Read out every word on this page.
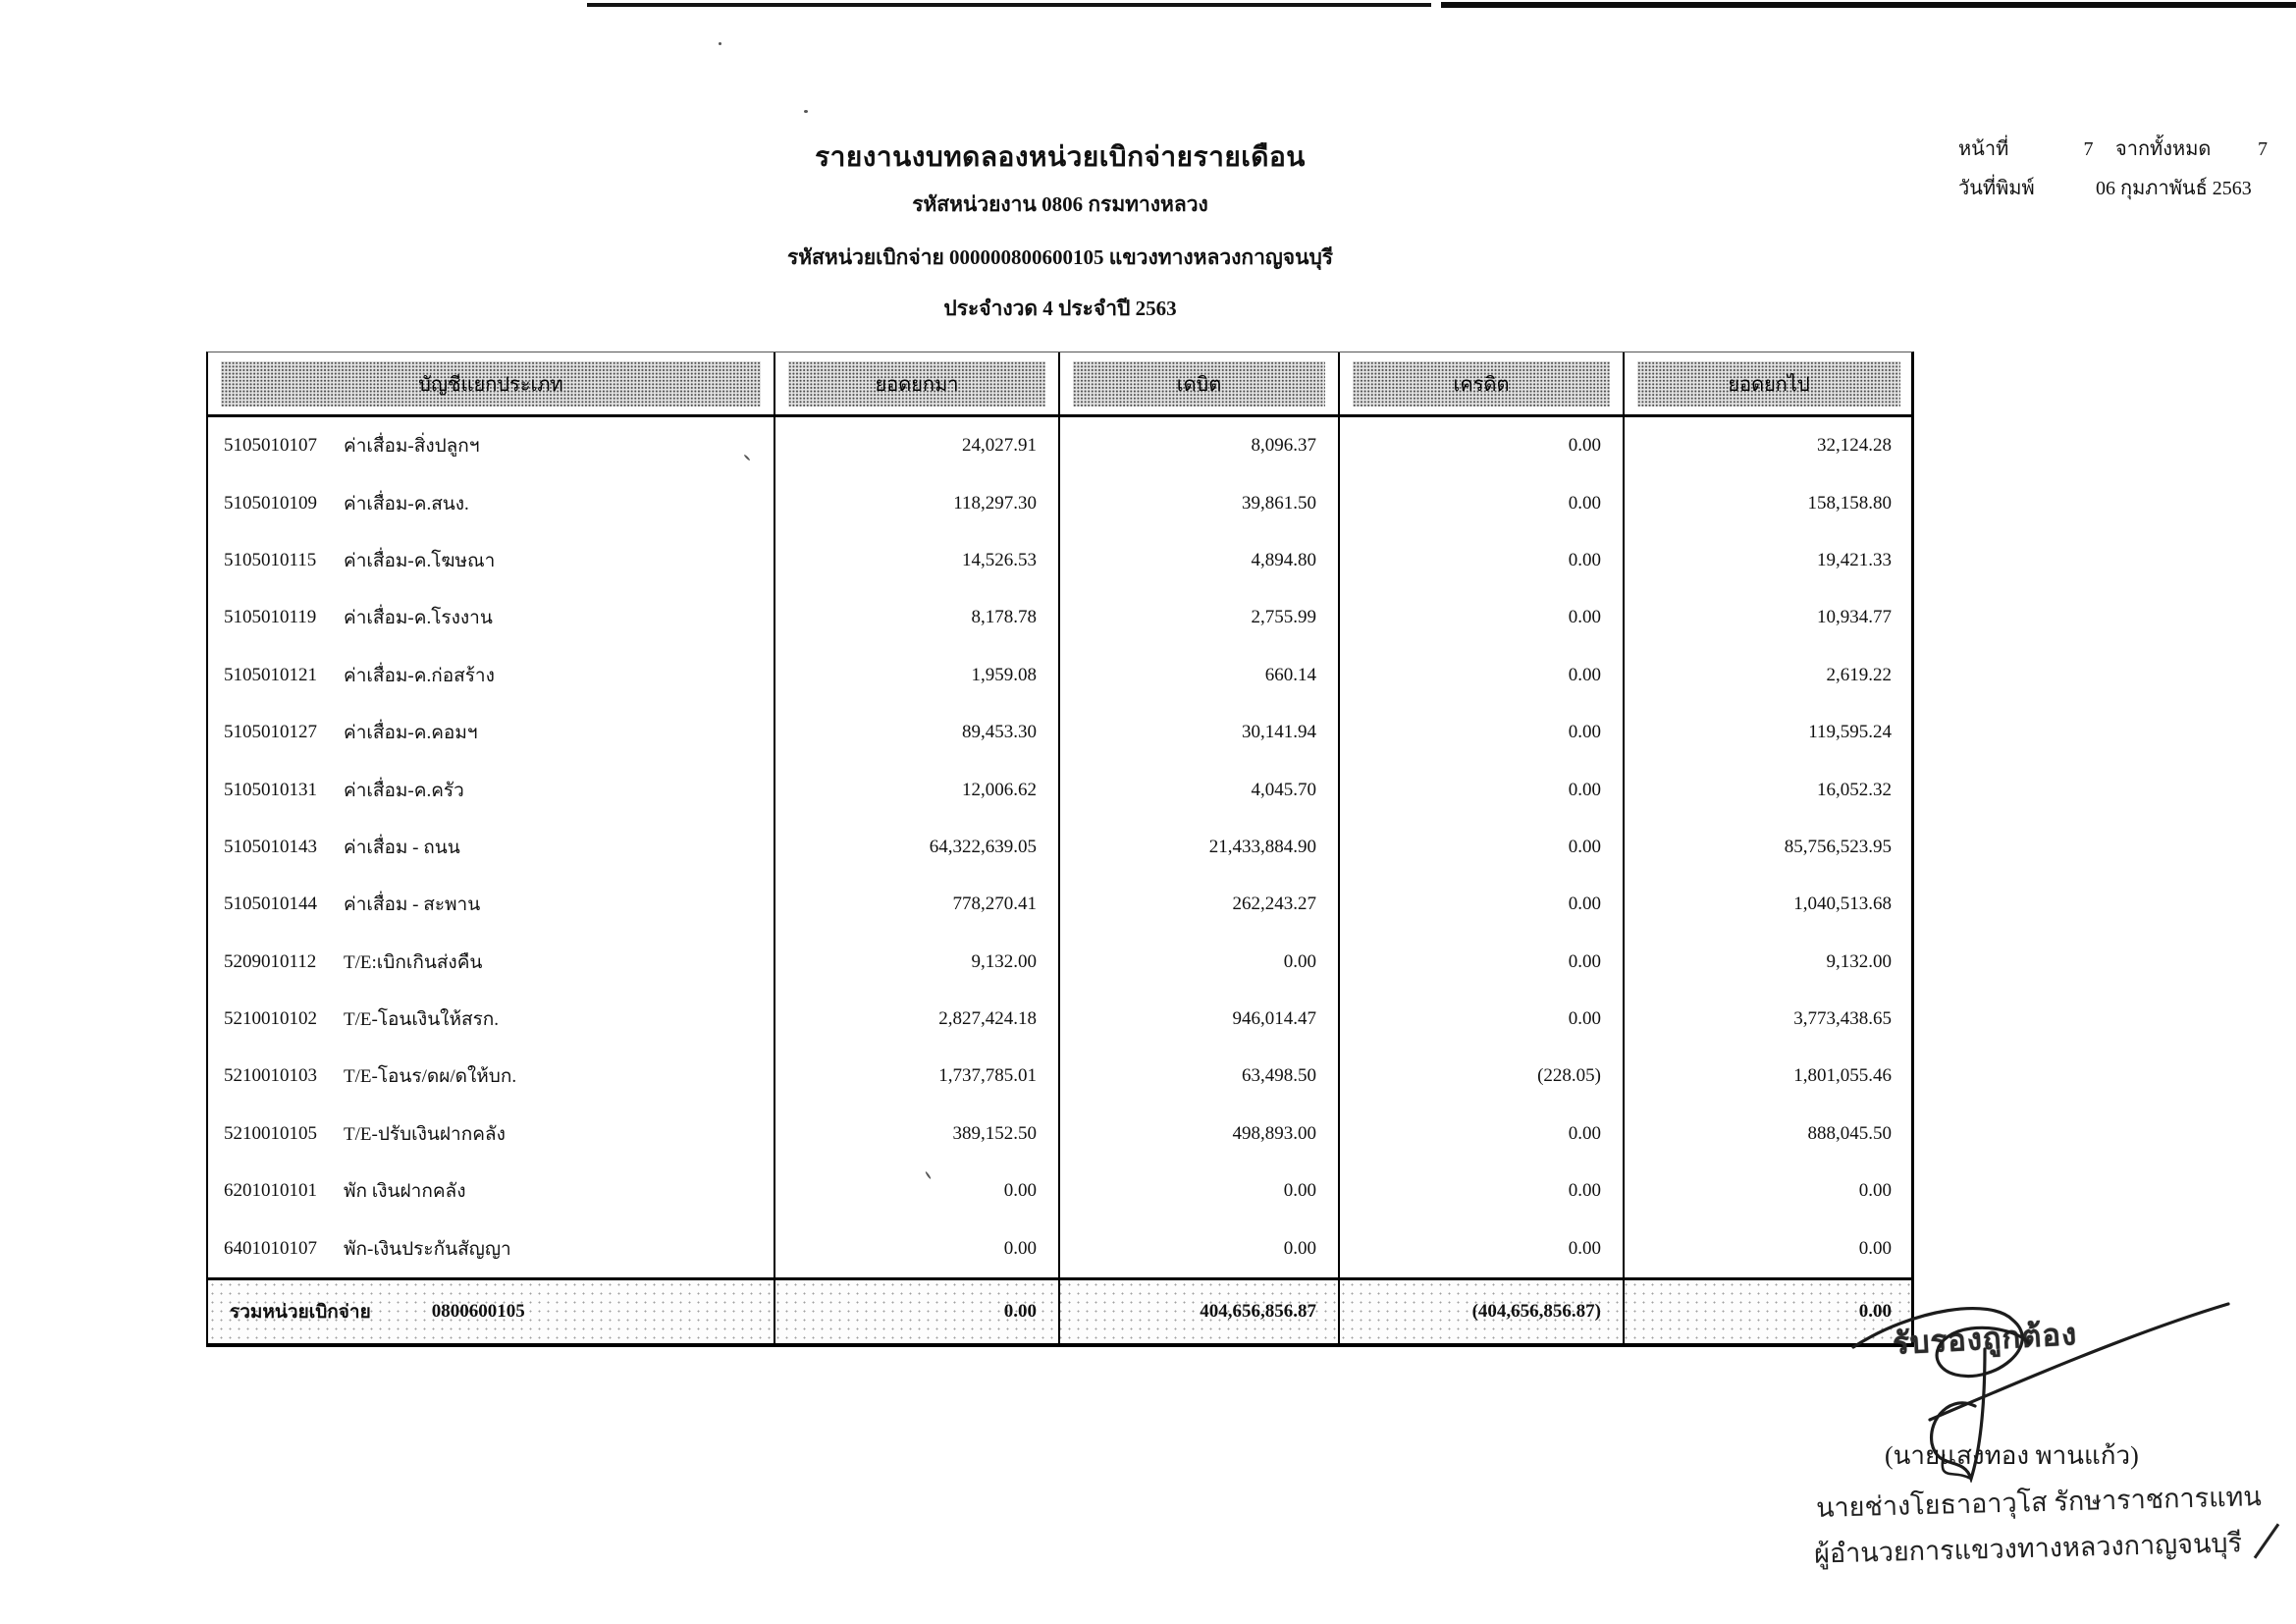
รายงานงบทดลองหน่วยเบิกจ่ายรายเดือน
รหัสหน่วยงาน 0806 กรมทางหลวง
รหัสหน่วยเบิกจ่าย 000000800600105 แขวงทางหลวงกาญจนบุรี
ประจำงวด 4 ประจำปี 2563
หน้าที่	7	จากทั้งหมด	7
วันที่พิมพ์	06 กุมภาพันธ์ 2563
บัญชีแยกประเภท	ยอดยกมา	เดบิต	เครดิต	ยอดยกไป
5105010107	ค่าเสื่อม-สิ่งปลูกฯ	24,027.91	8,096.37	0.00	32,124.28
5105010109	ค่าเสื่อม-ค.สนง.	118,297.30	39,861.50	0.00	158,158.80
5105010115	ค่าเสื่อม-ค.โฆษณา	14,526.53	4,894.80	0.00	19,421.33
5105010119	ค่าเสื่อม-ค.โรงงาน	8,178.78	2,755.99	0.00	10,934.77
5105010121	ค่าเสื่อม-ค.ก่อสร้าง	1,959.08	660.14	0.00	2,619.22
5105010127	ค่าเสื่อม-ค.คอมฯ	89,453.30	30,141.94	0.00	119,595.24
5105010131	ค่าเสื่อม-ค.ครัว	12,006.62	4,045.70	0.00	16,052.32
5105010143	ค่าเสื่อม - ถนน	64,322,639.05	21,433,884.90	0.00	85,756,523.95
5105010144	ค่าเสื่อม - สะพาน	778,270.41	262,243.27	0.00	1,040,513.68
5209010112	T/E:เบิกเกินส่งคืน	9,132.00	0.00	0.00	9,132.00
5210010102	T/E-โอนเงินให้สรก.	2,827,424.18	946,014.47	0.00	3,773,438.65
5210010103	T/E-โอนร/ดผ/ดให้บก.	1,737,785.01	63,498.50	(228.05)	1,801,055.46
5210010105	T/E-ปรับเงินฝากคลัง	389,152.50	498,893.00	0.00	888,045.50
6201010101	พัก เงินฝากคลัง	0.00	0.00	0.00	0.00
6401010107	พัก-เงินประกันสัญญา	0.00	0.00	0.00	0.00
รวมหน่วยเบิกจ่าย	0800600105	0.00	404,656,856.87	(404,656,856.87)	0.00
รับรองถูกต้อง
(นายแสงทอง พานแก้ว)
นายช่างโยธาอาวุโส รักษาราชการแทน
ผู้อำนวยการแขวงทางหลวงกาญจนบุรี
